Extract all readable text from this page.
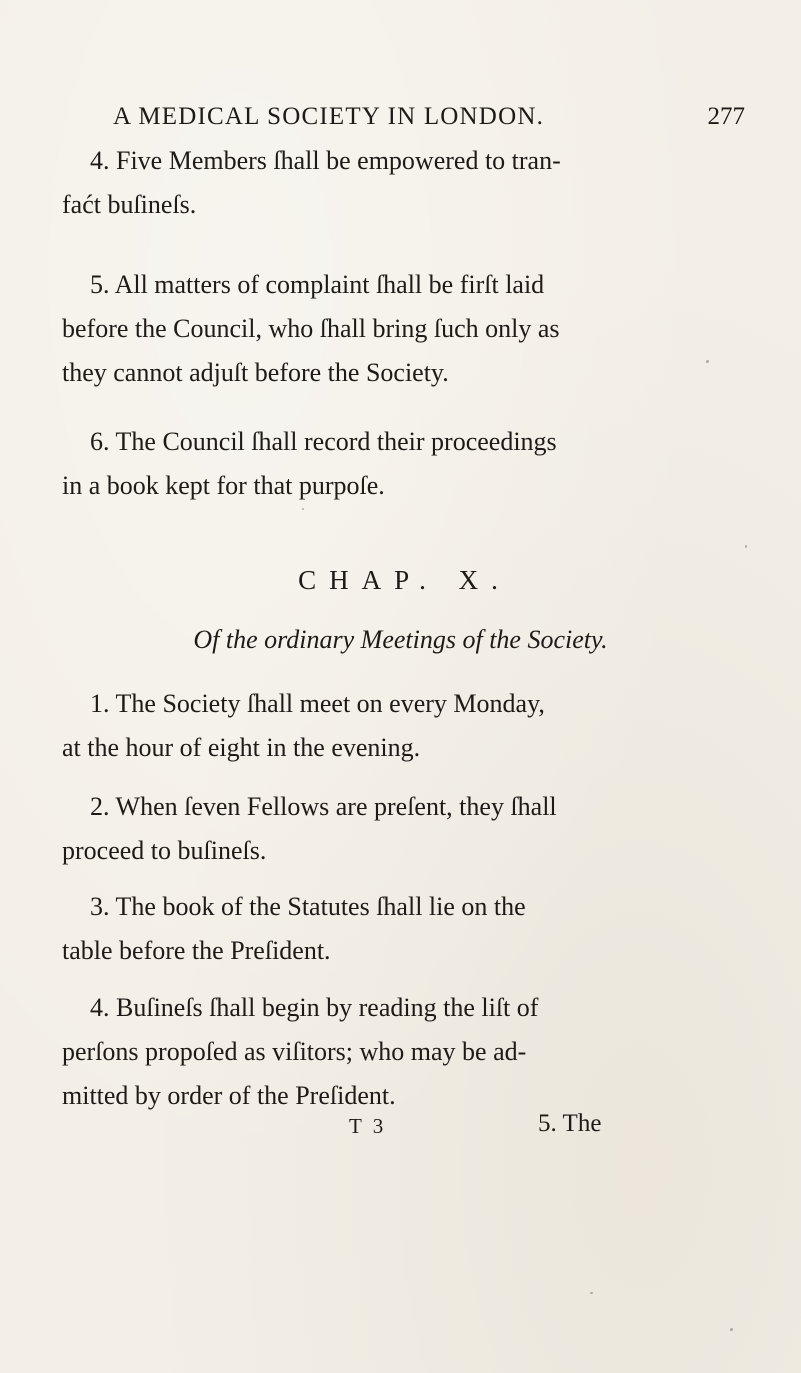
A MEDICAL SOCIETY IN LONDON.	277
4. Five Members ſhall be empowered to tran-
faćt buſineſs.
5. All matters of complaint ſhall be firſt laid
before the Council, who ſhall bring ſuch only as
they cannot adjuſt before the Society.
6. The Council ſhall record their proceedings
in a book kept for that purpoſe.
CHAP. X.
Of the ordinary Meetings of the Society.
1. The Society ſhall meet on every Monday,
at the hour of eight in the evening.
2. When ſeven Fellows are preſent, they ſhall
proceed to buſineſs.
3. The book of the Statutes ſhall lie on the
table before the Preſident.
4. Buſineſs ſhall begin by reading the liſt of
perſons propoſed as viſitors; who may be ad-
mitted by order of the Preſident.
T 3	5. The
